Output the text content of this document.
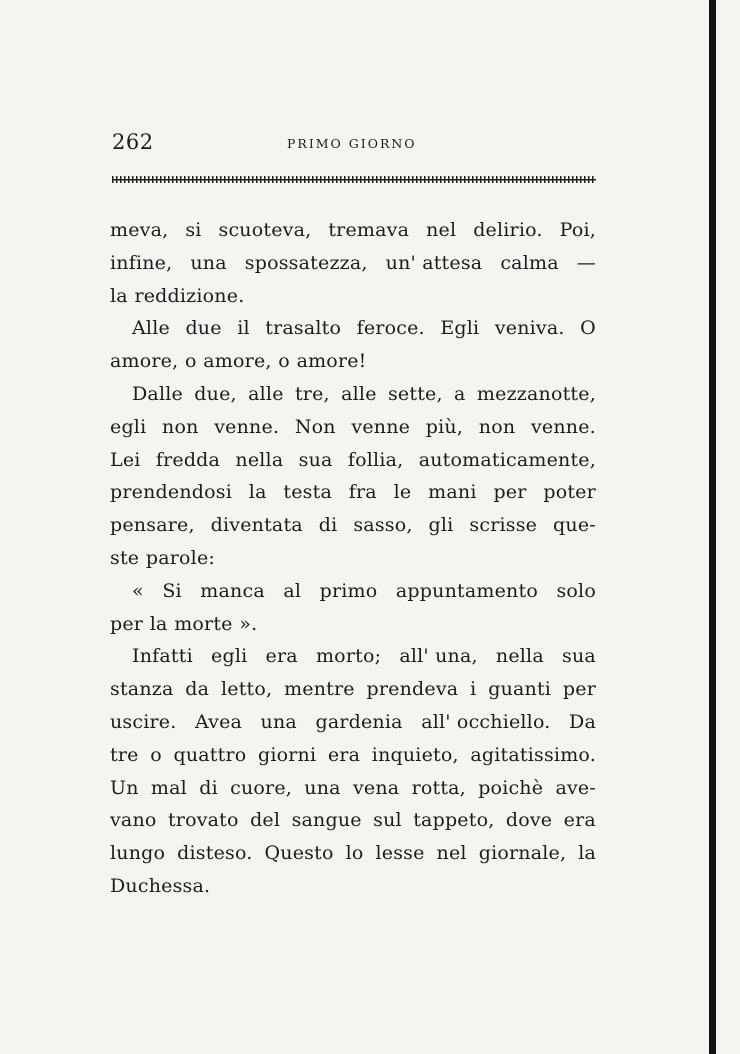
262	PRIMO GIORNO
meva, si scuoteva, tremava nel delirio. Poi,
infine, una spossatezza, un' attesa calma —
la reddizione.
Alle due il trasalto feroce. Egli veniva. O
amore, o amore, o amore!
Dalle due, alle tre, alle sette, a mezzanotte,
egli non venne. Non venne più, non venne.
Lei fredda nella sua follia, automaticamente,
prendendosi la testa fra le mani per poter
pensare, diventata di sasso, gli scrisse que-
ste parole:
« Si manca al primo appuntamento solo
per la morte ».
Infatti egli era morto; all' una, nella sua
stanza da letto, mentre prendeva i guanti per
uscire. Avea una gardenia all' occhiello. Da
tre o quattro giorni era inquieto, agitatissimo.
Un mal di cuore, una vena rotta, poichè ave-
vano trovato del sangue sul tappeto, dove era
lungo disteso. Questo lo lesse nel giornale, la
Duchessa.
